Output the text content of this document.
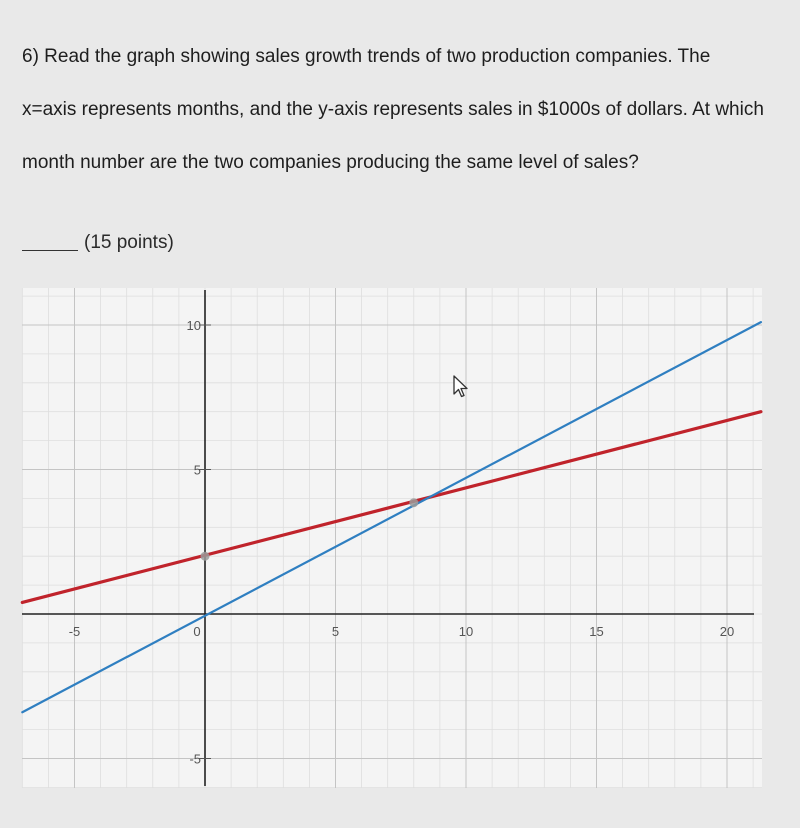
6) Read the graph showing sales growth trends of two production companies. The

x=axis represents months, and the y-axis represents sales in $1000s of dollars. At which

month number are the two companies producing the same level of sales?

(15 points)
-5	0	5	10	15	20
10
5
-5
